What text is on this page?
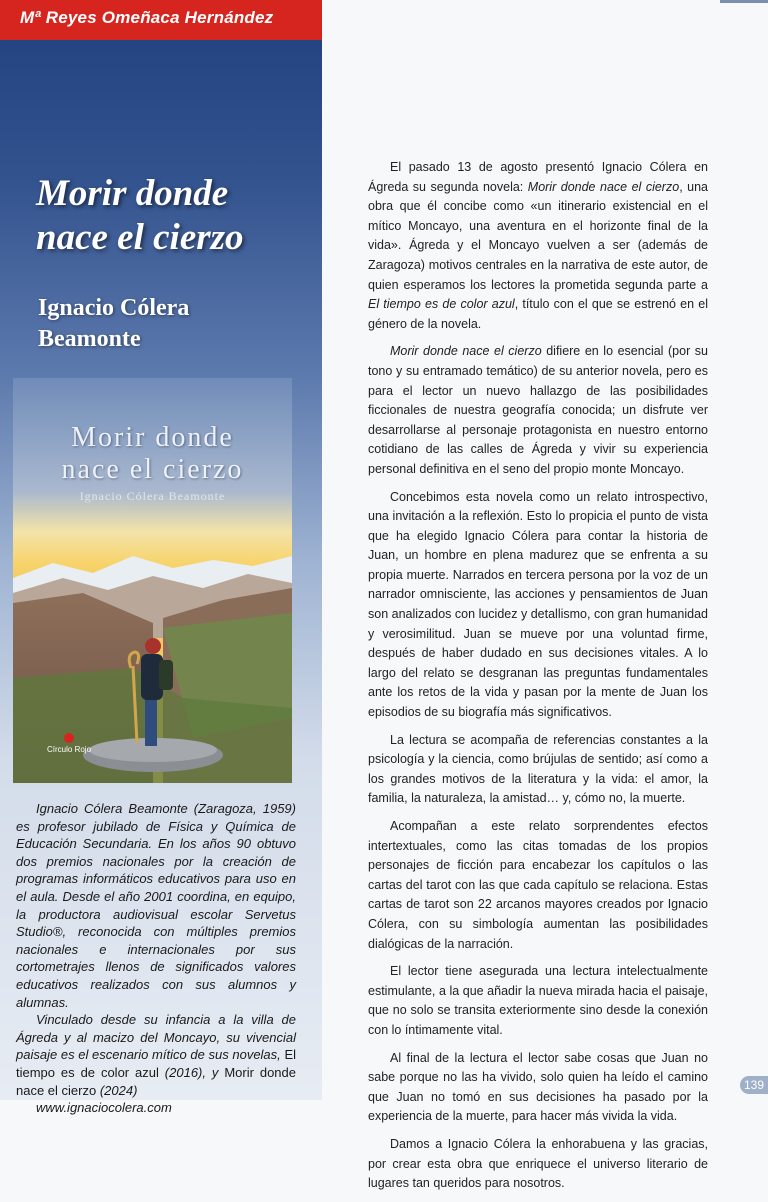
Mª Reyes Omeñaca Hernández
Morir donde
nace el cierzo
Ignacio Cólera
Beamonte
Morir donde
nace el cierzo
Ignacio Cólera Beamonte
Círculo Rojo

Ignacio Cólera Beamonte (Zaragoza, 1959) es profesor jubilado de Física y Química de Educación Secundaria. En los años 90 obtuvo dos premios nacionales por la creación de programas informáticos educativos para uso en el aula. Desde el año 2001 coordina, en equipo, la productora audiovisual escolar Servetus Studio®, reconocida con múltiples premios nacionales e internacionales por sus cortometrajes llenos de significados valores educativos realizados con sus alumnos y alumnas.

Vinculado desde su infancia a la villa de Ágreda y al macizo del Moncayo, su vivencial paisaje es el escenario mítico de sus novelas, El tiempo es de color azul (2016), y Morir donde nace el cierzo (2024)

www.ignaciocolera.com

El pasado 13 de agosto presentó Ignacio Cólera en Ágreda su segunda novela: Morir donde nace el cierzo, una obra que él concibe como «un itinerario existencial en el mítico Moncayo, una aventura en el horizonte final de la vida». Ágreda y el Moncayo vuelven a ser (además de Zaragoza) motivos centrales en la narrativa de este autor, de quien esperamos los lectores la prometida segunda parte a El tiempo es de color azul, título con el que se estrenó en el género de la novela.

Morir donde nace el cierzo difiere en lo esencial (por su tono y su entramado temático) de su anterior novela, pero es para el lector un nuevo hallazgo de las posibilidades ficcionales de nuestra geografía conocida; un disfrute ver desarrollarse al personaje protagonista en nuestro entorno cotidiano de las calles de Ágreda y vivir su experiencia personal definitiva en el seno del propio monte Moncayo.

Concebimos esta novela como un relato introspectivo, una invitación a la reflexión. Esto lo propicia el punto de vista que ha elegido Ignacio Cólera para contar la historia de Juan, un hombre en plena madurez que se enfrenta a su propia muerte. Narrados en tercera persona por la voz de un narrador omnisciente, las acciones y pensamientos de Juan son analizados con lucidez y detallismo, con gran humanidad y verosimilitud. Juan se mueve por una voluntad firme, después de haber dudado en sus decisiones vitales. A lo largo del relato se desgranan las preguntas fundamentales ante los retos de la vida y pasan por la mente de Juan los episodios de su biografía más significativos.

La lectura se acompaña de referencias constantes a la psicología y la ciencia, como brújulas de sentido; así como a los grandes motivos de la literatura y la vida: el amor, la familia, la naturaleza, la amistad… y, cómo no, la muerte.

Acompañan a este relato sorprendentes efectos intertextuales, como las citas tomadas de los propios personajes de ficción para encabezar los capítulos o las cartas del tarot con las que cada capítulo se relaciona. Estas cartas de tarot son 22 arcanos mayores creados por Ignacio Cólera, con su simbología aumentan las posibilidades dialógicas de la narración.

El lector tiene asegurada una lectura intelectualmente estimulante, a la que añadir la nueva mirada hacia el paisaje, que no solo se transita exteriormente sino desde la conexión con lo íntimamente vital.

Al final de la lectura el lector sabe cosas que Juan no sabe porque no las ha vivido, solo quien ha leído el camino que Juan no tomó en sus decisiones ha pasado por la experiencia de la muerte, para hacer más vivida la vida.

Damos a Ignacio Cólera la enhorabuena y las gracias, por crear esta obra que enriquece el universo literario de lugares tan queridos para nosotros.

139
